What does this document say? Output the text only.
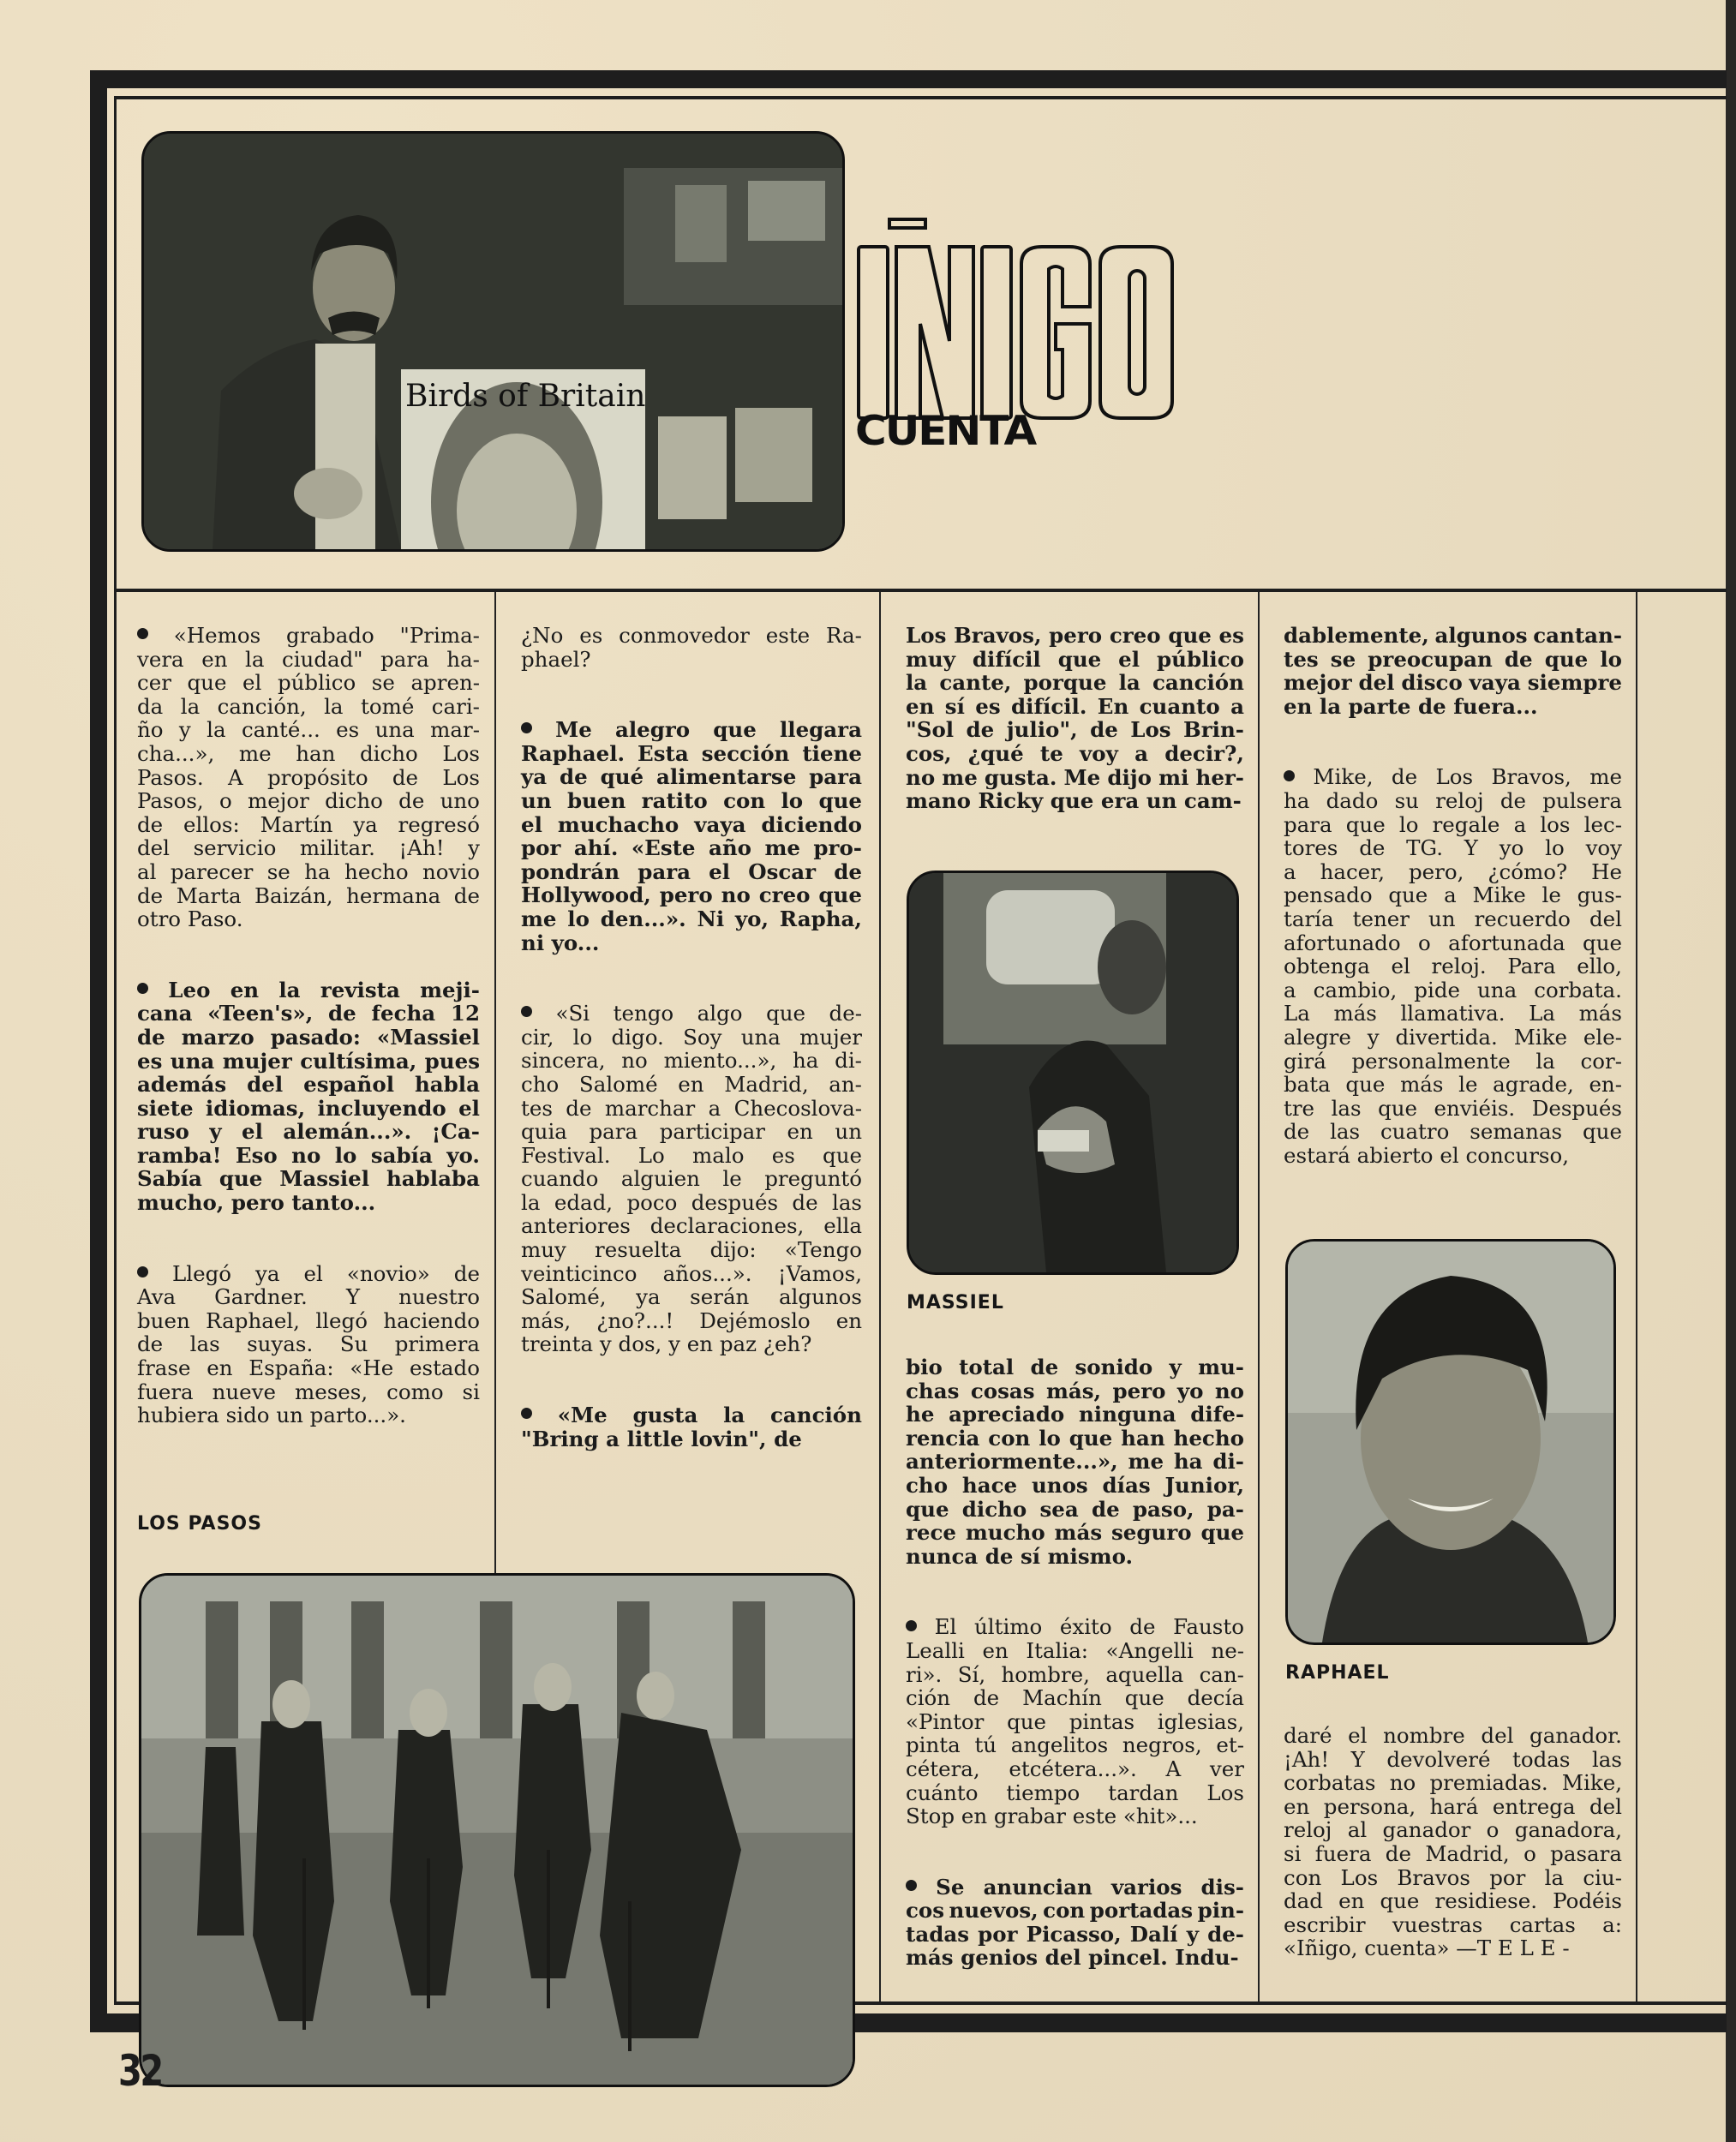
Birds of Britain
CUENTA
«Hemos grabado "Prima-
vera en la ciudad" para ha-
cer que el público se apren-
da la canción, la tomé cari-
ño y la canté... es una mar-
cha...», me han dicho Los
Pasos. A propósito de Los
Pasos, o mejor dicho de uno
de ellos: Martín ya regresó
del servicio militar. ¡Ah! y
al parecer se ha hecho novio
de Marta Baizán, hermana de
otro Paso.
Leo en la revista meji-
cana «Teen's», de fecha 12
de marzo pasado: «Massiel
es una mujer cultísima, pues
además del español habla
siete idiomas, incluyendo el
ruso y el alemán...». ¡Ca-
ramba! Eso no lo sabía yo.
Sabía que Massiel hablaba
mucho, pero tanto...
Llegó ya el «novio» de
Ava Gardner. Y nuestro
buen Raphael, llegó haciendo
de las suyas. Su primera
frase en España: «He estado
fuera nueve meses, como si
hubiera sido un parto...».
¿No es conmovedor este Ra-
phael?
Me alegro que llegara
Raphael. Esta sección tiene
ya de qué alimentarse para
un buen ratito con lo que
el muchacho vaya diciendo
por ahí. «Este año me pro-
pondrán para el Oscar de
Hollywood, pero no creo que
me lo den...». Ni yo, Rapha,
ni yo...
«Si tengo algo que de-
cir, lo digo. Soy una mujer
sincera, no miento...», ha di-
cho Salomé en Madrid, an-
tes de marchar a Checoslova-
quia para participar en un
Festival. Lo malo es que
cuando alguien le preguntó
la edad, poco después de las
anteriores declaraciones, ella
muy resuelta dijo: «Tengo
veinticinco años...». ¡Vamos,
Salomé, ya serán algunos
más, ¿no?...! Dejémoslo en
treinta y dos, y en paz ¿eh?
«Me gusta la canción
"Bring a little lovin", de
Los Bravos, pero creo que es
muy difícil que el público
la cante, porque la canción
en sí es difícil. En cuanto a
"Sol de julio", de Los Brin-
cos, ¿qué te voy a decir?,
no me gusta. Me dijo mi her-
mano Ricky que era un cam-
MASSIEL
bio total de sonido y mu-
chas cosas más, pero yo no
he apreciado ninguna dife-
rencia con lo que han hecho
anteriormente...», me ha di-
cho hace unos días Junior,
que dicho sea de paso, pa-
rece mucho más seguro que
nunca de sí mismo.
El último éxito de Fausto
Lealli en Italia: «Angelli ne-
ri». Sí, hombre, aquella can-
ción de Machín que decía
«Pintor que pintas iglesias,
pinta tú angelitos negros, et-
cétera, etcétera...». A ver
cuánto tiempo tardan Los
Stop en grabar este «hit»...
Se anuncian varios dis-
cos nuevos, con portadas pin-
tadas por Picasso, Dalí y de-
más genios del pincel. Indu-
dablemente, algunos cantan-
tes se preocupan de que lo
mejor del disco vaya siempre
en la parte de fuera...
Mike, de Los Bravos, me
ha dado su reloj de pulsera
para que lo regale a los lec-
tores de TG. Y yo lo voy
a hacer, pero, ¿cómo? He
pensado que a Mike le gus-
taría tener un recuerdo del
afortunado o afortunada que
obtenga el reloj. Para ello,
a cambio, pide una corbata.
La más llamativa. La más
alegre y divertida. Mike ele-
girá personalmente la cor-
bata que más le agrade, en-
tre las que enviéis. Después
de las cuatro semanas que
estará abierto el concurso,
RAPHAEL
daré el nombre del ganador.
¡Ah! Y devolveré todas las
corbatas no premiadas. Mike,
en persona, hará entrega del
reloj al ganador o ganadora,
si fuera de Madrid, o pasara
con Los Bravos por la ciu-
dad en que residiese. Podéis
escribir vuestras cartas a:
«Iñigo, cuenta» —T E L E -
LOS PASOS
32
